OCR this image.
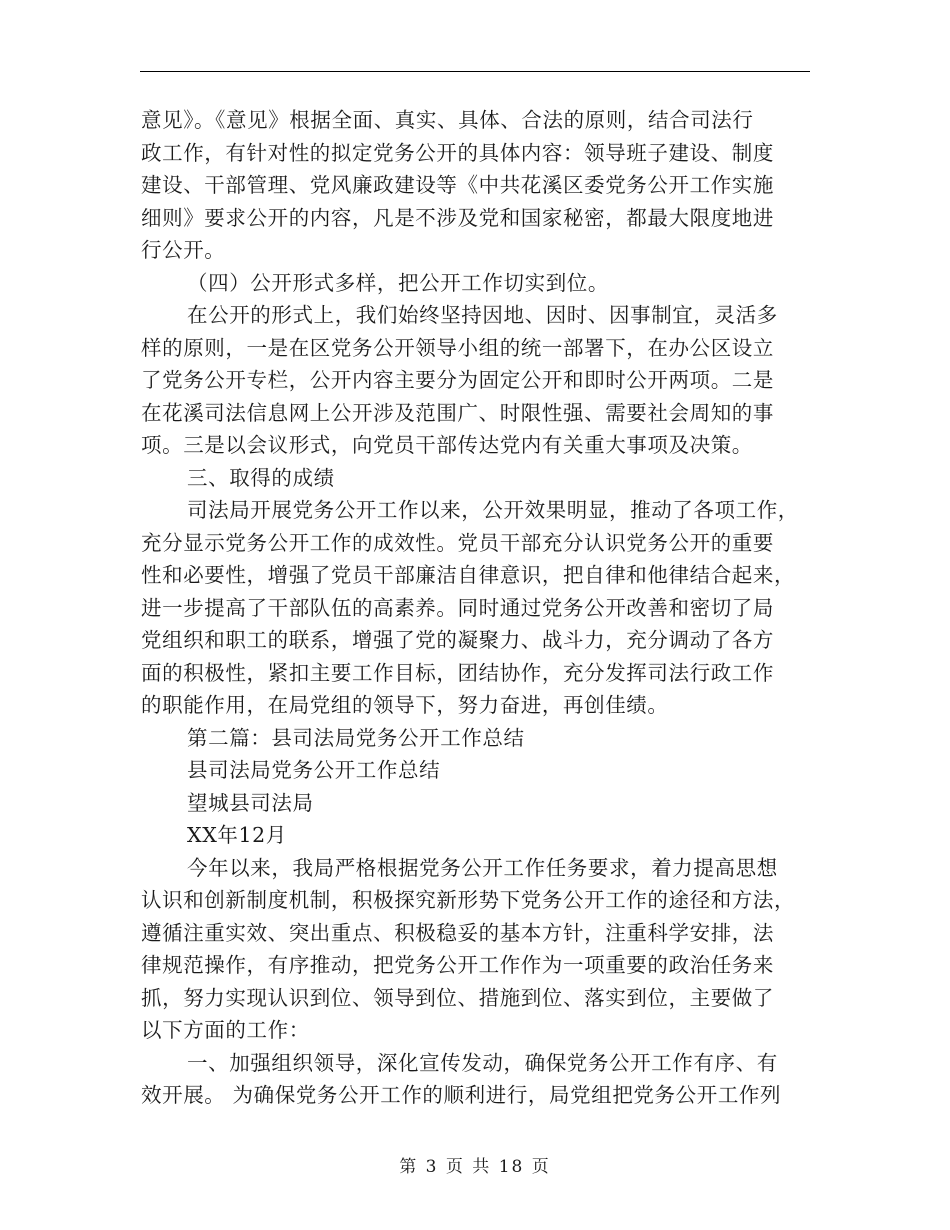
意见》。《意见》根据全面、真实、具体、合法的原则，结合司法行
政工作，有针对性的拟定党务公开的具体内容：领导班子建设、制度
建设、干部管理、党风廉政建设等《中共花溪区委党务公开工作实施
细则》要求公开的内容，凡是不涉及党和国家秘密，都最大限度地进
行公开。
（四）公开形式多样，把公开工作切实到位。
在公开的形式上，我们始终坚持因地、因时、因事制宜，灵活多
样的原则，一是在区党务公开领导小组的统一部署下，在办公区设立
了党务公开专栏，公开内容主要分为固定公开和即时公开两项。二是
在花溪司法信息网上公开涉及范围广、时限性强、需要社会周知的事
项。三是以会议形式，向党员干部传达党内有关重大事项及决策。
三、取得的成绩
司法局开展党务公开工作以来，公开效果明显，推动了各项工作，
充分显示党务公开工作的成效性。党员干部充分认识党务公开的重要
性和必要性，增强了党员干部廉洁自律意识，把自律和他律结合起来，
进一步提高了干部队伍的高素养。同时通过党务公开改善和密切了局
党组织和职工的联系，增强了党的凝聚力、战斗力，充分调动了各方
面的积极性，紧扣主要工作目标，团结协作，充分发挥司法行政工作
的职能作用，在局党组的领导下，努力奋进，再创佳绩。
第二篇：县司法局党务公开工作总结
县司法局党务公开工作总结
望城县司法局
XX年12月
今年以来，我局严格根据党务公开工作任务要求，着力提高思想
认识和创新制度机制，积极探究新形势下党务公开工作的途径和方法，
遵循注重实效、突出重点、积极稳妥的基本方针，注重科学安排，法
律规范操作，有序推动，把党务公开工作作为一项重要的政治任务来
抓，努力实现认识到位、领导到位、措施到位、落实到位，主要做了
以下方面的工作：
一、加强组织领导，深化宣传发动，确保党务公开工作有序、有
效开展。 为确保党务公开工作的顺利进行，局党组把党务公开工作列
第 3 页 共 18 页
